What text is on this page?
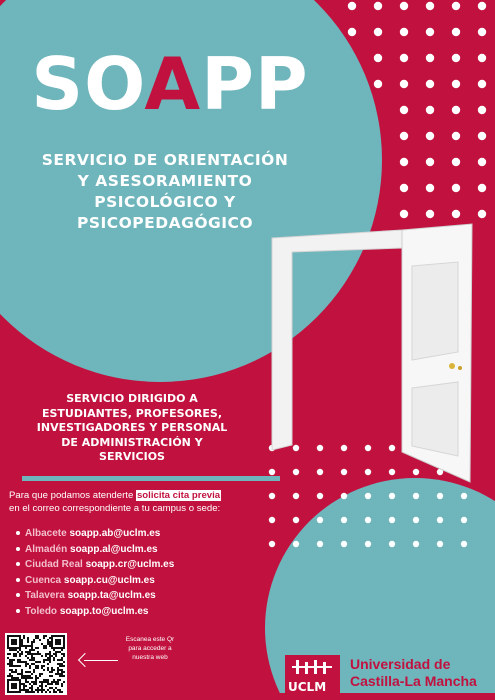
SOAPP
SERVICIO DE ORIENTACIÓN
Y ASESORAMIENTO
PSICOLÓGICO Y
PSICOPEDAGÓGICO
SERVICIO DIRIGIDO A
ESTUDIANTES, PROFESORES,
INVESTIGADORES Y PERSONAL
DE ADMINISTRACIÓN Y
SERVICIOS
Para que podamos atenderte solicita cita previa
en el correo correspondiente a tu campus o sede:
Albacete soapp.ab@uclm.es
Almadén soapp.al@uclm.es
Ciudad Real soapp.cr@uclm.es
Cuenca soapp.cu@uclm.es
Talavera soapp.ta@uclm.es
Toledo soapp.to@uclm.es
Escanea este Qr
para acceder a
nuestra web
UCLM
Universidad de
Castilla-La Mancha
